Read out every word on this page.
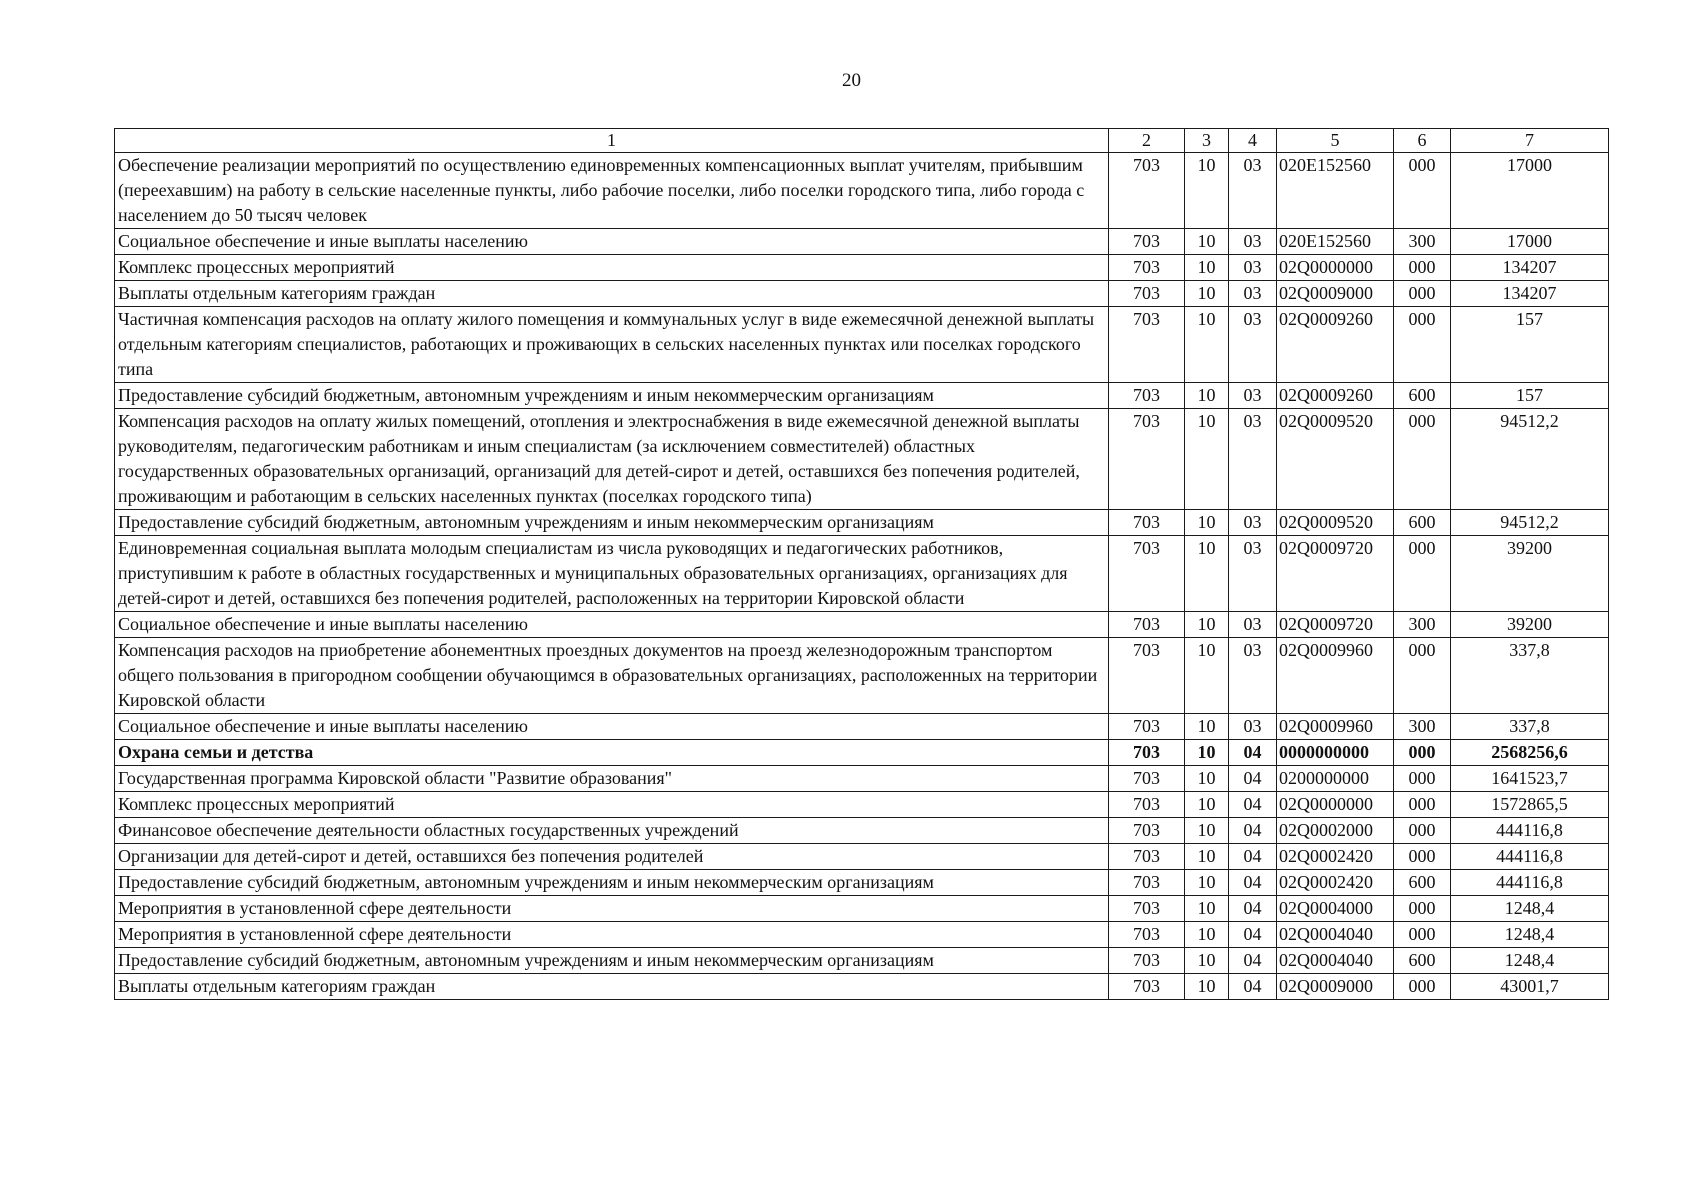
20
1	2	3	4	5	6	7
Обеспечение реализации мероприятий по осуществлению единовременных компенсационных выплат учителям, прибывшим (переехавшим) на работу в сельские населенные пункты, либо рабочие поселки, либо поселки городского типа, либо города с населением до 50 тысяч человек	703	10	03	020E152560	000	17000
Социальное обеспечение и иные выплаты населению	703	10	03	020E152560	300	17000
Комплекс процессных мероприятий	703	10	03	02Q0000000	000	134207
Выплаты отдельным категориям граждан	703	10	03	02Q0009000	000	134207
Частичная компенсация расходов на оплату жилого помещения и коммунальных услуг в виде ежемесячной денежной выплаты отдельным категориям специалистов, работающих и проживающих в сельских населенных пунктах или поселках городского типа	703	10	03	02Q0009260	000	157
Предоставление субсидий бюджетным, автономным учреждениям и иным некоммерческим организациям	703	10	03	02Q0009260	600	157
Компенсация расходов на оплату жилых помещений, отопления и электроснабжения в виде ежемесячной денежной выплаты руководителям, педагогическим работникам и иным специалистам (за исключением совместителей) областных государственных образовательных организаций, организаций для детей-сирот и детей, оставшихся без попечения родителей, проживающим и работающим в сельских населенных пунктах (поселках городского типа)	703	10	03	02Q0009520	000	94512,2
Предоставление субсидий бюджетным, автономным учреждениям и иным некоммерческим организациям	703	10	03	02Q0009520	600	94512,2
Единовременная социальная выплата молодым специалистам из числа руководящих и педагогических работников, приступившим к работе в областных государственных и муниципальных образовательных организациях, организациях для детей-сирот и детей, оставшихся без попечения родителей, расположенных на территории Кировской области	703	10	03	02Q0009720	000	39200
Социальное обеспечение и иные выплаты населению	703	10	03	02Q0009720	300	39200
Компенсация расходов на приобретение абонементных проездных документов на проезд железнодорожным транспортом общего пользования в пригородном сообщении обучающимся в образовательных организациях, расположенных на территории Кировской области	703	10	03	02Q0009960	000	337,8
Социальное обеспечение и иные выплаты населению	703	10	03	02Q0009960	300	337,8
Охрана семьи и детства	703	10	04	0000000000	000	2568256,6
Государственная программа Кировской области "Развитие образования"	703	10	04	0200000000	000	1641523,7
Комплекс процессных мероприятий	703	10	04	02Q0000000	000	1572865,5
Финансовое обеспечение деятельности областных государственных учреждений	703	10	04	02Q0002000	000	444116,8
Организации для детей-сирот и детей, оставшихся без попечения родителей	703	10	04	02Q0002420	000	444116,8
Предоставление субсидий бюджетным, автономным учреждениям и иным некоммерческим организациям	703	10	04	02Q0002420	600	444116,8
Мероприятия в установленной сфере деятельности	703	10	04	02Q0004000	000	1248,4
Мероприятия в установленной сфере деятельности	703	10	04	02Q0004040	000	1248,4
Предоставление субсидий бюджетным, автономным учреждениям и иным некоммерческим организациям	703	10	04	02Q0004040	600	1248,4
Выплаты отдельным категориям граждан	703	10	04	02Q0009000	000	43001,7
